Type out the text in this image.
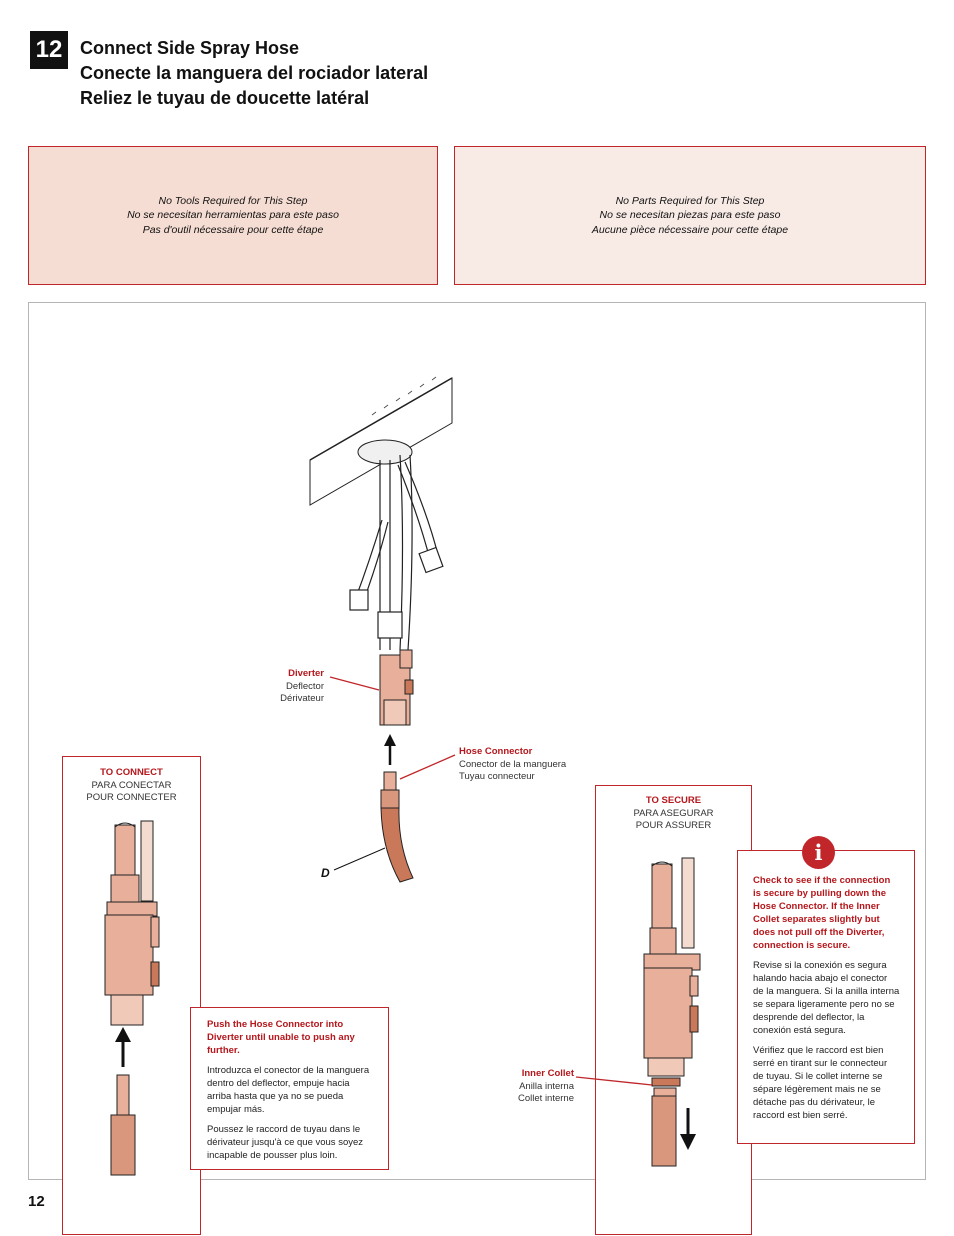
12 Connect Side Spray Hose
Conecte la manguera del rociador lateral
Reliez le tuyau de doucette latéral
No Tools Required for This Step
No se necesitan herramientas para este paso
Pas d'outil nécessaire pour cette étape
No Parts Required for This Step
No se necesitan piezas para este paso
Aucune pièce nécessaire pour cette étape
D
Diverter
Deflector
Dérivateur
Hose Connector
Conector de la manguera
Tuyau connecteur
TO CONNECT
PARA CONECTAR
POUR CONNECTER

Push the Hose Connector into Diverter until unable to push any further.

Introduzca el conector de la manguera dentro del deflector, empuje hacia arriba hasta que ya no se pueda empujar más.

Poussez le raccord de tuyau dans le dérivateur jusqu'à ce que vous soyez incapable de pousser plus loin.

TO SECURE
PARA ASEGURAR
POUR ASSURER
Inner Collet
Anilla interna
Collet interne

Check to see if the connection is secure by pulling down the Hose Connector. If the Inner Collet separates slightly but does not pull off the Diverter, connection is secure.

Revise si la conexión es segura halando hacia abajo el conector de la manguera. Si la anilla interna se separa ligeramente pero no se desprende del deflector, la conexión está segura.

Vérifiez que le raccord est bien serré en tirant sur le connecteur de tuyau. Si le collet interne se sépare légèrement mais ne se détache pas du dérivateur, le raccord est bien serré.

i
12
